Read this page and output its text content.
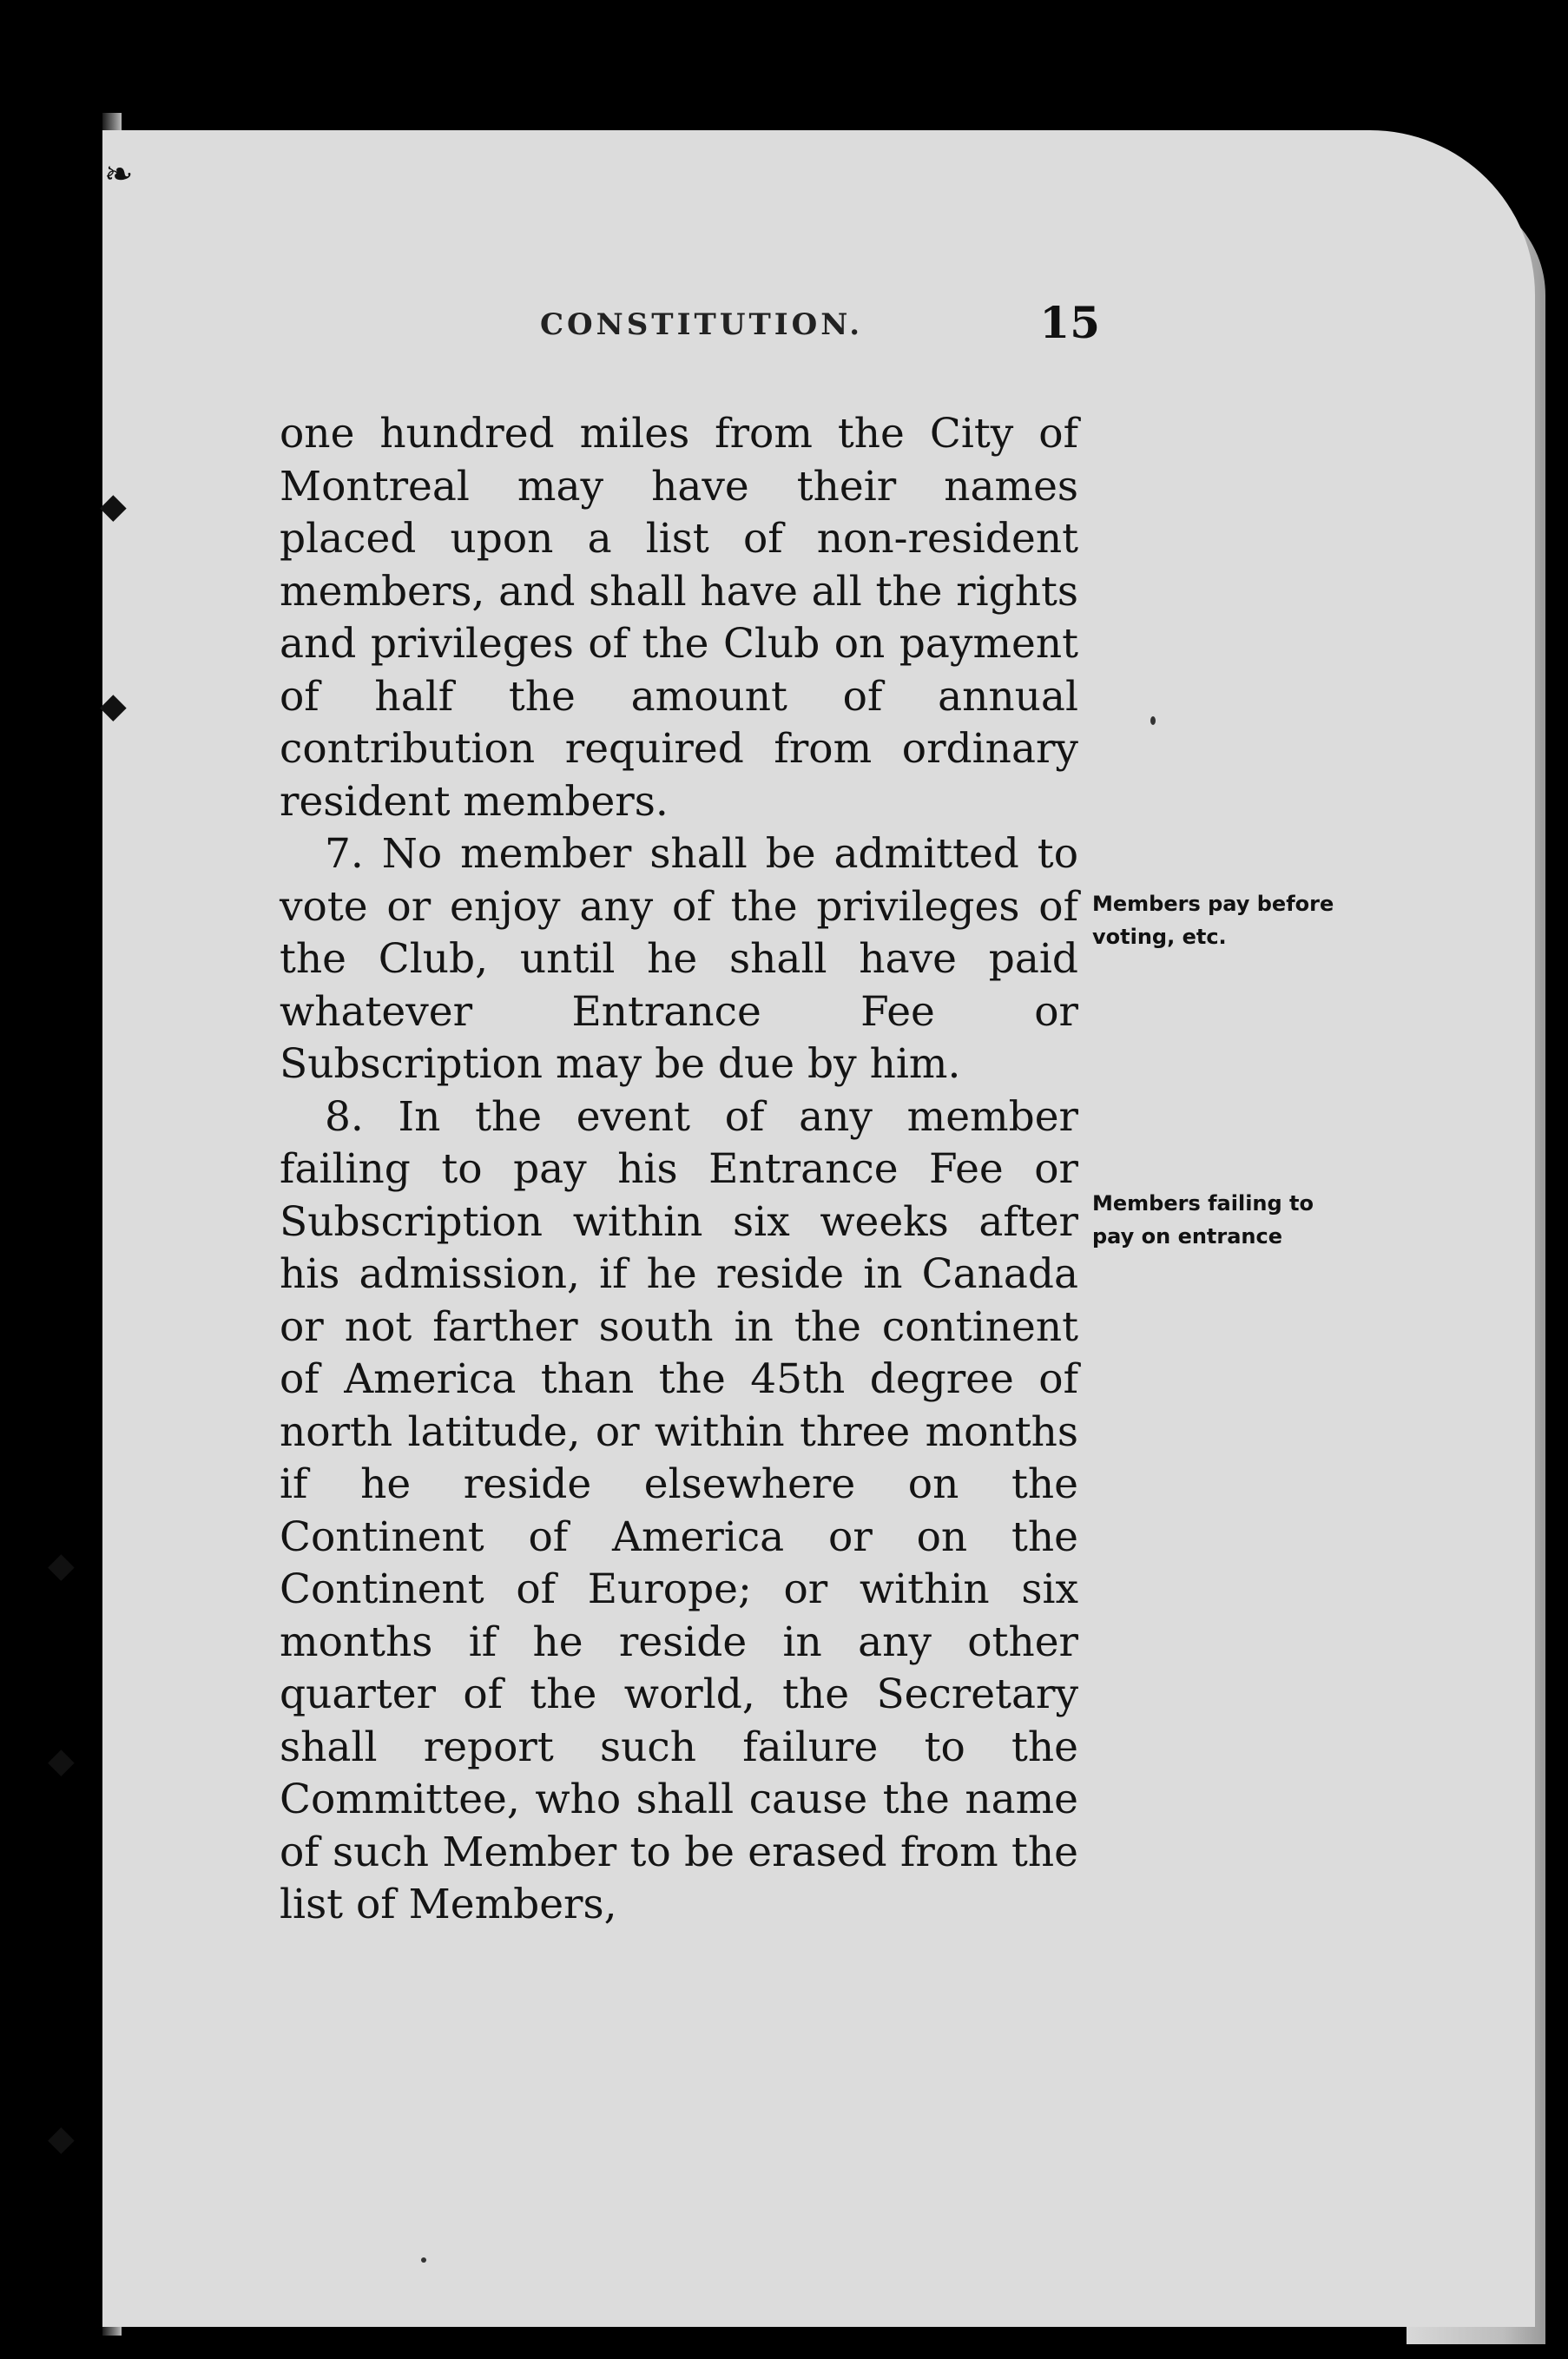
❧
◆
◆
◆
◆
◆
CONSTITUTION.	15

one hundred miles from the City of Montreal may have their names placed upon a list of non-resident members, and shall have all the rights and privileges of the Club on payment of half the amount of annual contribution required from ordinary resident members.

7. No member shall be admitted to vote or enjoy any of the privileges of the Club, until he shall have paid whatever Entrance Fee or Subscription may be due by him.

8. In the event of any member failing to pay his Entrance Fee or Subscription within six weeks after his admission, if he reside in Canada or not farther south in the continent of America than the 45th degree of north latitude, or within three months if he reside elsewhere on the Continent of America or on the Continent of Europe; or within six months if he reside in any other quarter of the world, the Secretary shall report such failure to the Committee, who shall cause the name of such Member to be erased from the list of Members,

Members pay before voting, etc.
Members failing to pay on entrance
